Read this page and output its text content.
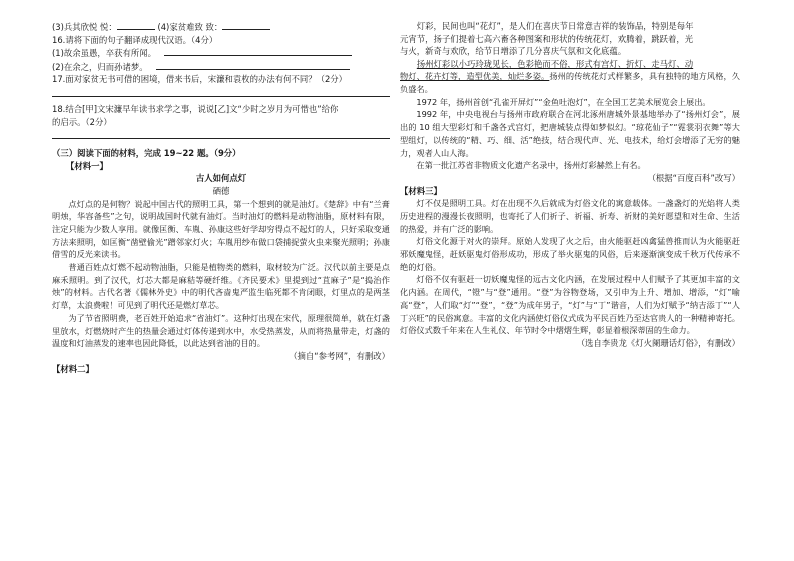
(3)兵其欣悦 悦：	(4)家贫难致 致：
16.请将下面的句子翻译成现代汉语。（4分）
(1)故余虽愚，卒获有所闻。
(2)在余之，归而孙诸梦。
17.面对家贫无书可借的困境，借来书后，宋濂和袁枚的办法有何不同？（2分）
18.结合[甲]文宋濂早年读书求学之事，说说[乙]文“少时之岁月为可惜也”给你
的启示。（2分）
（三）阅读下面的材料，完成 19~22 题。（9分）
【材料一】
古人如何点灯
硒德
点灯点的是何物？说起中国古代的照明工具，第一个想到的就是油灯。《楚辞》中有“兰膏明烛，华容备些”之句，说明战国时代就有油灯。当时油灯的燃料是动物油脂，原材料有限，注定只能为少数人享用。就像匡衡、车胤、孙康这些好学却穷得点不起灯的人，只好采取变通方法来照明，如匡衡“凿壁偷光”蹭邻家灯火；车胤用纱布做口袋捕捉萤火虫来聚光照明；孙康借雪的反光来读书。
普通百姓点灯燃不起动物油脂，只能是植物类的燃料，取材较为广泛。汉代以前主要是点麻禾照明。到了汉代，灯芯大都是麻秸等硬纤维。《齐民要术》里提到过“苴麻子”是“捣治作烛”的材料。古代名著《儒林外史》中的明代吝啬鬼严监生临死都不肯闭眼，灯里点的是两茎灯草，太浪费啦！可见到了明代还是燃灯草芯。
为了节省照明费，老百姓开始追求“省油灯”。这种灯出现在宋代，原理很简单，就在灯盏里放水，灯燃烧时产生的热量会通过灯体传递到水中，水受热蒸发，从而将热量带走，灯盏的温度和灯油蒸发的速率也因此降低，以此达到省油的目的。
（摘自“参考网”，有删改）
【材料二】
灯彩，民间也叫“花灯”，是人们在喜庆节日常意吉祥的装饰品，特别是每年
元宵节，扬子们提着七高六畜各种图案和形状的传统花灯，欢腾着，跳跃着，光
与火，新奇与欢欣，给节日增添了几分喜庆气氛和文化底蕴。
扬州灯彩以小巧玲珑见长，色彩艳而不俗，形式有宫灯、折灯、走马灯、动
物灯、花卉灯等，造型优美，灿烂多姿。扬州的传统花灯式样繁多，具有独特的地方风格，久负盛名。
1972 年，扬州首创“孔雀开屏灯”“金鱼吐泡灯”，在全国工艺美术展览会上展出。
1992 年，中央电视台与扬州市政府联合在河北涿州唐城外景基地举办了“扬州灯会”，展出的 10 组大型彩灯和千盏各式宫灯，把唐城装点得如梦似幻。“琼花仙子”“霓裳羽衣舞”等大型组灯，以传统的“精、巧、细、活”绝技，结合现代声、光、电技术，给灯会增添了无穷的魅力，观者人山人海。
在第一批江苏省非物质文化遗产名录中，扬州灯彩赫然上有名。
（根据“百度百科”改写）
【材料三】
灯不仅是照明工具。灯在出现不久后就成为灯俗文化的寓意载体。一盏盏灯的光焰将人类历史进程的漫漫长夜照明，也寄托了人们祈子、祈福、祈寿、祈财的美好愿望和对生命、生活的热爱，并有广泛的影响。
灯俗文化源于对火的崇拜。原始人发现了火之后，由火能驱赶凶禽猛兽推而认为火能驱赶邪妖魔鬼怪，赶妖驱鬼灯俗形成功，形成了举火驱鬼的风俗，后来逐渐演变成千秋万代传承不绝的灯俗。
灯俗不仅有驱赶一切妖魔鬼怪的远古文化内涵，在发展过程中人们赋予了其更加丰富的文化内涵。在周代，“镫”与“登”通用。“登”为谷物登场，又引申为上升、增加、增添，“灯”喻高“登”，人们取“灯”“登”，“登”为成年男子，“灯”与“丁”谐音，人们为灯赋予“纳吉添丁”“人丁兴旺”的民俗寓意。丰富的文化内涵使灯俗仪式成为平民百姓乃至达官贵人的一种精神寄托。灯俗仪式数千年来在人生礼仪、年节时令中熠熠生辉，彰显着根深蒂固的生命力。
（选自李贵龙《灯火阑珊话灯俗》，有删改）
